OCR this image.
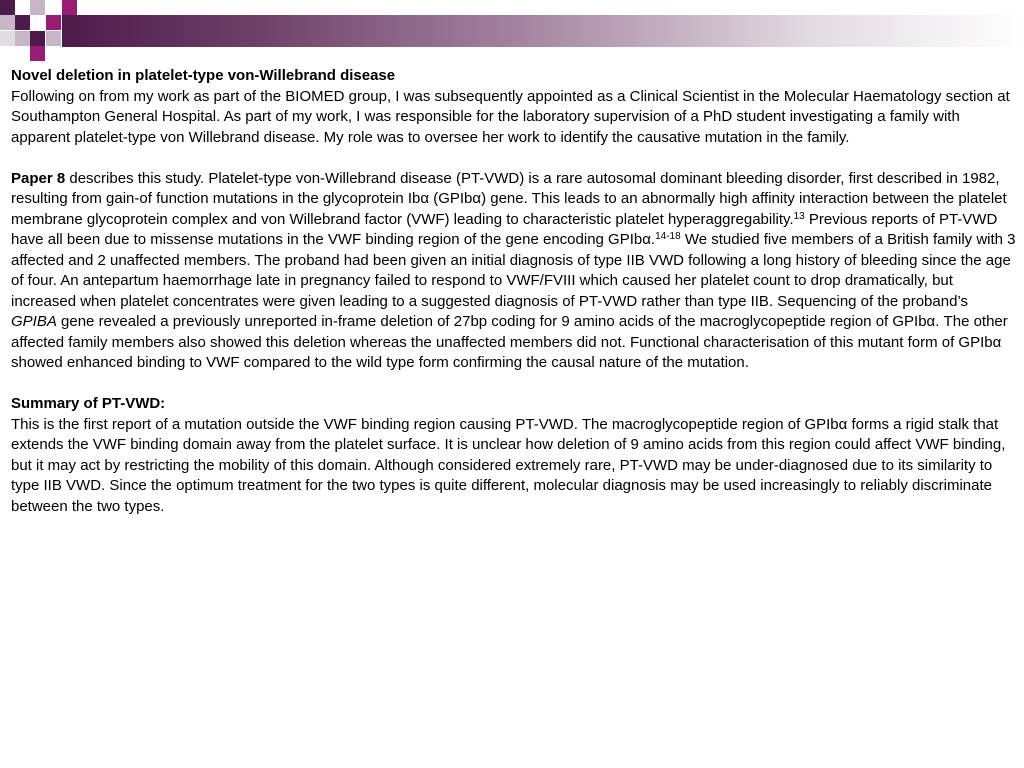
Novel deletion in platelet-type von-Willebrand disease

Following on from my work as part of the BIOMED group, I was subsequently appointed as a Clinical Scientist in the Molecular Haematology section at Southampton General Hospital. As part of my work, I was responsible for the laboratory supervision of a PhD student investigating a family with apparent platelet-type von Willebrand disease. My role was to oversee her work to identify the causative mutation in the family.

Paper 8 describes this study. Platelet-type von-Willebrand disease (PT-VWD) is a rare autosomal dominant bleeding disorder, first described in 1982, resulting from gain-of function mutations in the glycoprotein Ibα (GPIbα) gene. This leads to an abnormally high affinity interaction between the platelet membrane glycoprotein complex and von Willebrand factor (VWF) leading to characteristic platelet hyperaggregability.$^{13}$ Previous reports of PT-VWD have all been due to missense mutations in the VWF binding region of the gene encoding GPIbα.$^{14-18}$ We studied five members of a British family with 3 affected and 2 unaffected members. The proband had been given an initial diagnosis of type IIB VWD following a long history of bleeding since the age of four. An antepartum haemorrhage late in pregnancy failed to respond to VWF/FVIII which caused her platelet count to drop dramatically, but increased when platelet concentrates were given leading to a suggested diagnosis of PT-VWD rather than type IIB. Sequencing of the proband’s GPIBA gene revealed a previously unreported in-frame deletion of 27bp coding for 9 amino acids of the macroglycopeptide region of GPIbα. The other affected family members also showed this deletion whereas the unaffected members did not. Functional characterisation of this mutant form of GPIbα showed enhanced binding to VWF compared to the wild type form confirming the causal nature of the mutation.

Summary of PT-VWD:

This is the first report of a mutation outside the VWF binding region causing PT-VWD. The macroglycopeptide region of GPIbα forms a rigid stalk that extends the VWF binding domain away from the platelet surface. It is unclear how deletion of 9 amino acids from this region could affect VWF binding, but it may act by restricting the mobility of this domain. Although considered extremely rare, PT-VWD may be under-diagnosed due to its similarity to type IIB VWD. Since the optimum treatment for the two types is quite different, molecular diagnosis may be used increasingly to reliably discriminate between the two types.
